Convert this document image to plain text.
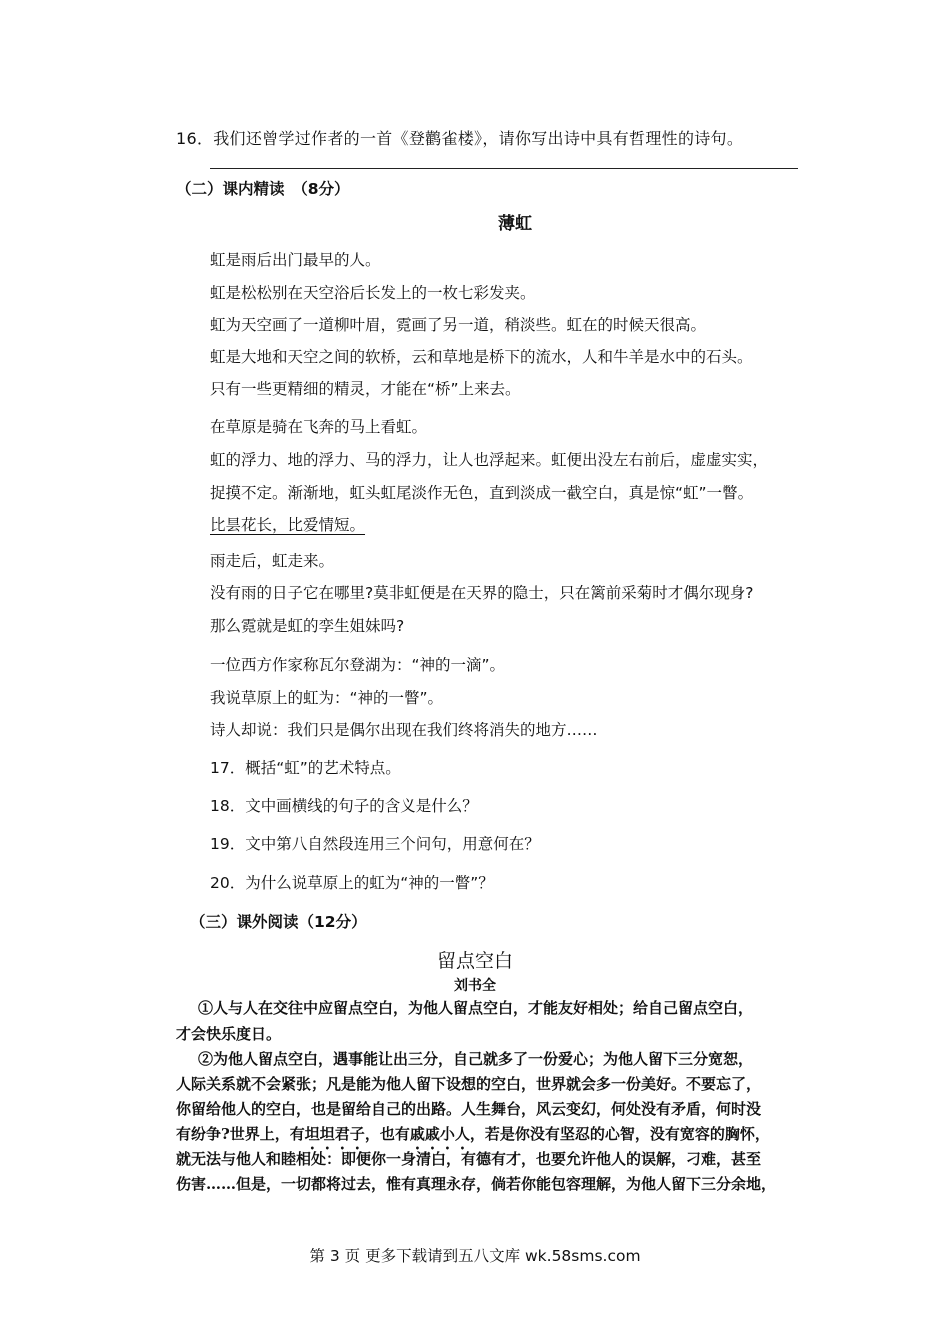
16．我们还曾学过作者的一首《登鹳雀楼》，请你写出诗中具有哲理性的诗句。
（二）课内精读　（8分）
薄虹
虹是雨后出门最早的人。
虹是松松别在天空浴后长发上的一枚七彩发夹。
虹为天空画了一道柳叶眉，霓画了另一道，稍淡些。虹在的时候天很高。
虹是大地和天空之间的软桥，云和草地是桥下的流水，人和牛羊是水中的石头。
只有一些更精细的精灵，才能在“桥”上来去。
在草原是骑在飞奔的马上看虹。
虹的浮力、地的浮力、马的浮力，让人也浮起来。虹便出没左右前后，虚虚实实，
捉摸不定。渐渐地，虹头虹尾淡作无色，直到淡成一截空白，真是惊“虹”一瞥。
比昙花长，比爱情短。
雨走后，虹走来。
没有雨的日子它在哪里?莫非虹便是在天界的隐士，只在篱前采菊时才偶尔现身?
那么霓就是虹的孪生姐妹吗?
一位西方作家称瓦尔登湖为：“神的一滴”。
我说草原上的虹为：“神的一瞥”。
诗人却说：我们只是偶尔出现在我们终将消失的地方……
17．概括“虹”的艺术特点。
18．文中画横线的句子的含义是什么？
19．文中第八自然段连用三个问句，用意何在？
20．为什么说草原上的虹为“神的一瞥”？
（三）课外阅读（12分）
留点空白
刘书全
①人与人在交往中应留点空白，为他人留点空白，才能友好相处；给自己留点空白，
才会快乐度日。
②为他人留点空白，遇事能让出三分，自己就多了一份爱心；为他人留下三分宽恕，
人际关系就不会紧张；凡是能为他人留下设想的空白，世界就会多一份美好。不要忘了，
你留给他人的空白，也是留给自己的出路。人生舞台，风云变幻，何处没有矛盾，何时没
有纷争?世界上，有坦坦君子，也有戚戚小人，若是你没有坚忍的心智，没有宽容的胸怀，
就无法与他人和睦相处：即便你一身清白，有德有才，也要允许他人的误解，刁难，甚至
伤害……但是，一切都将过去，惟有真理永存，倘若你能包容理解，为他人留下三分余地，
第 3 页 更多下载请到五八文库 wk.58sms.com
